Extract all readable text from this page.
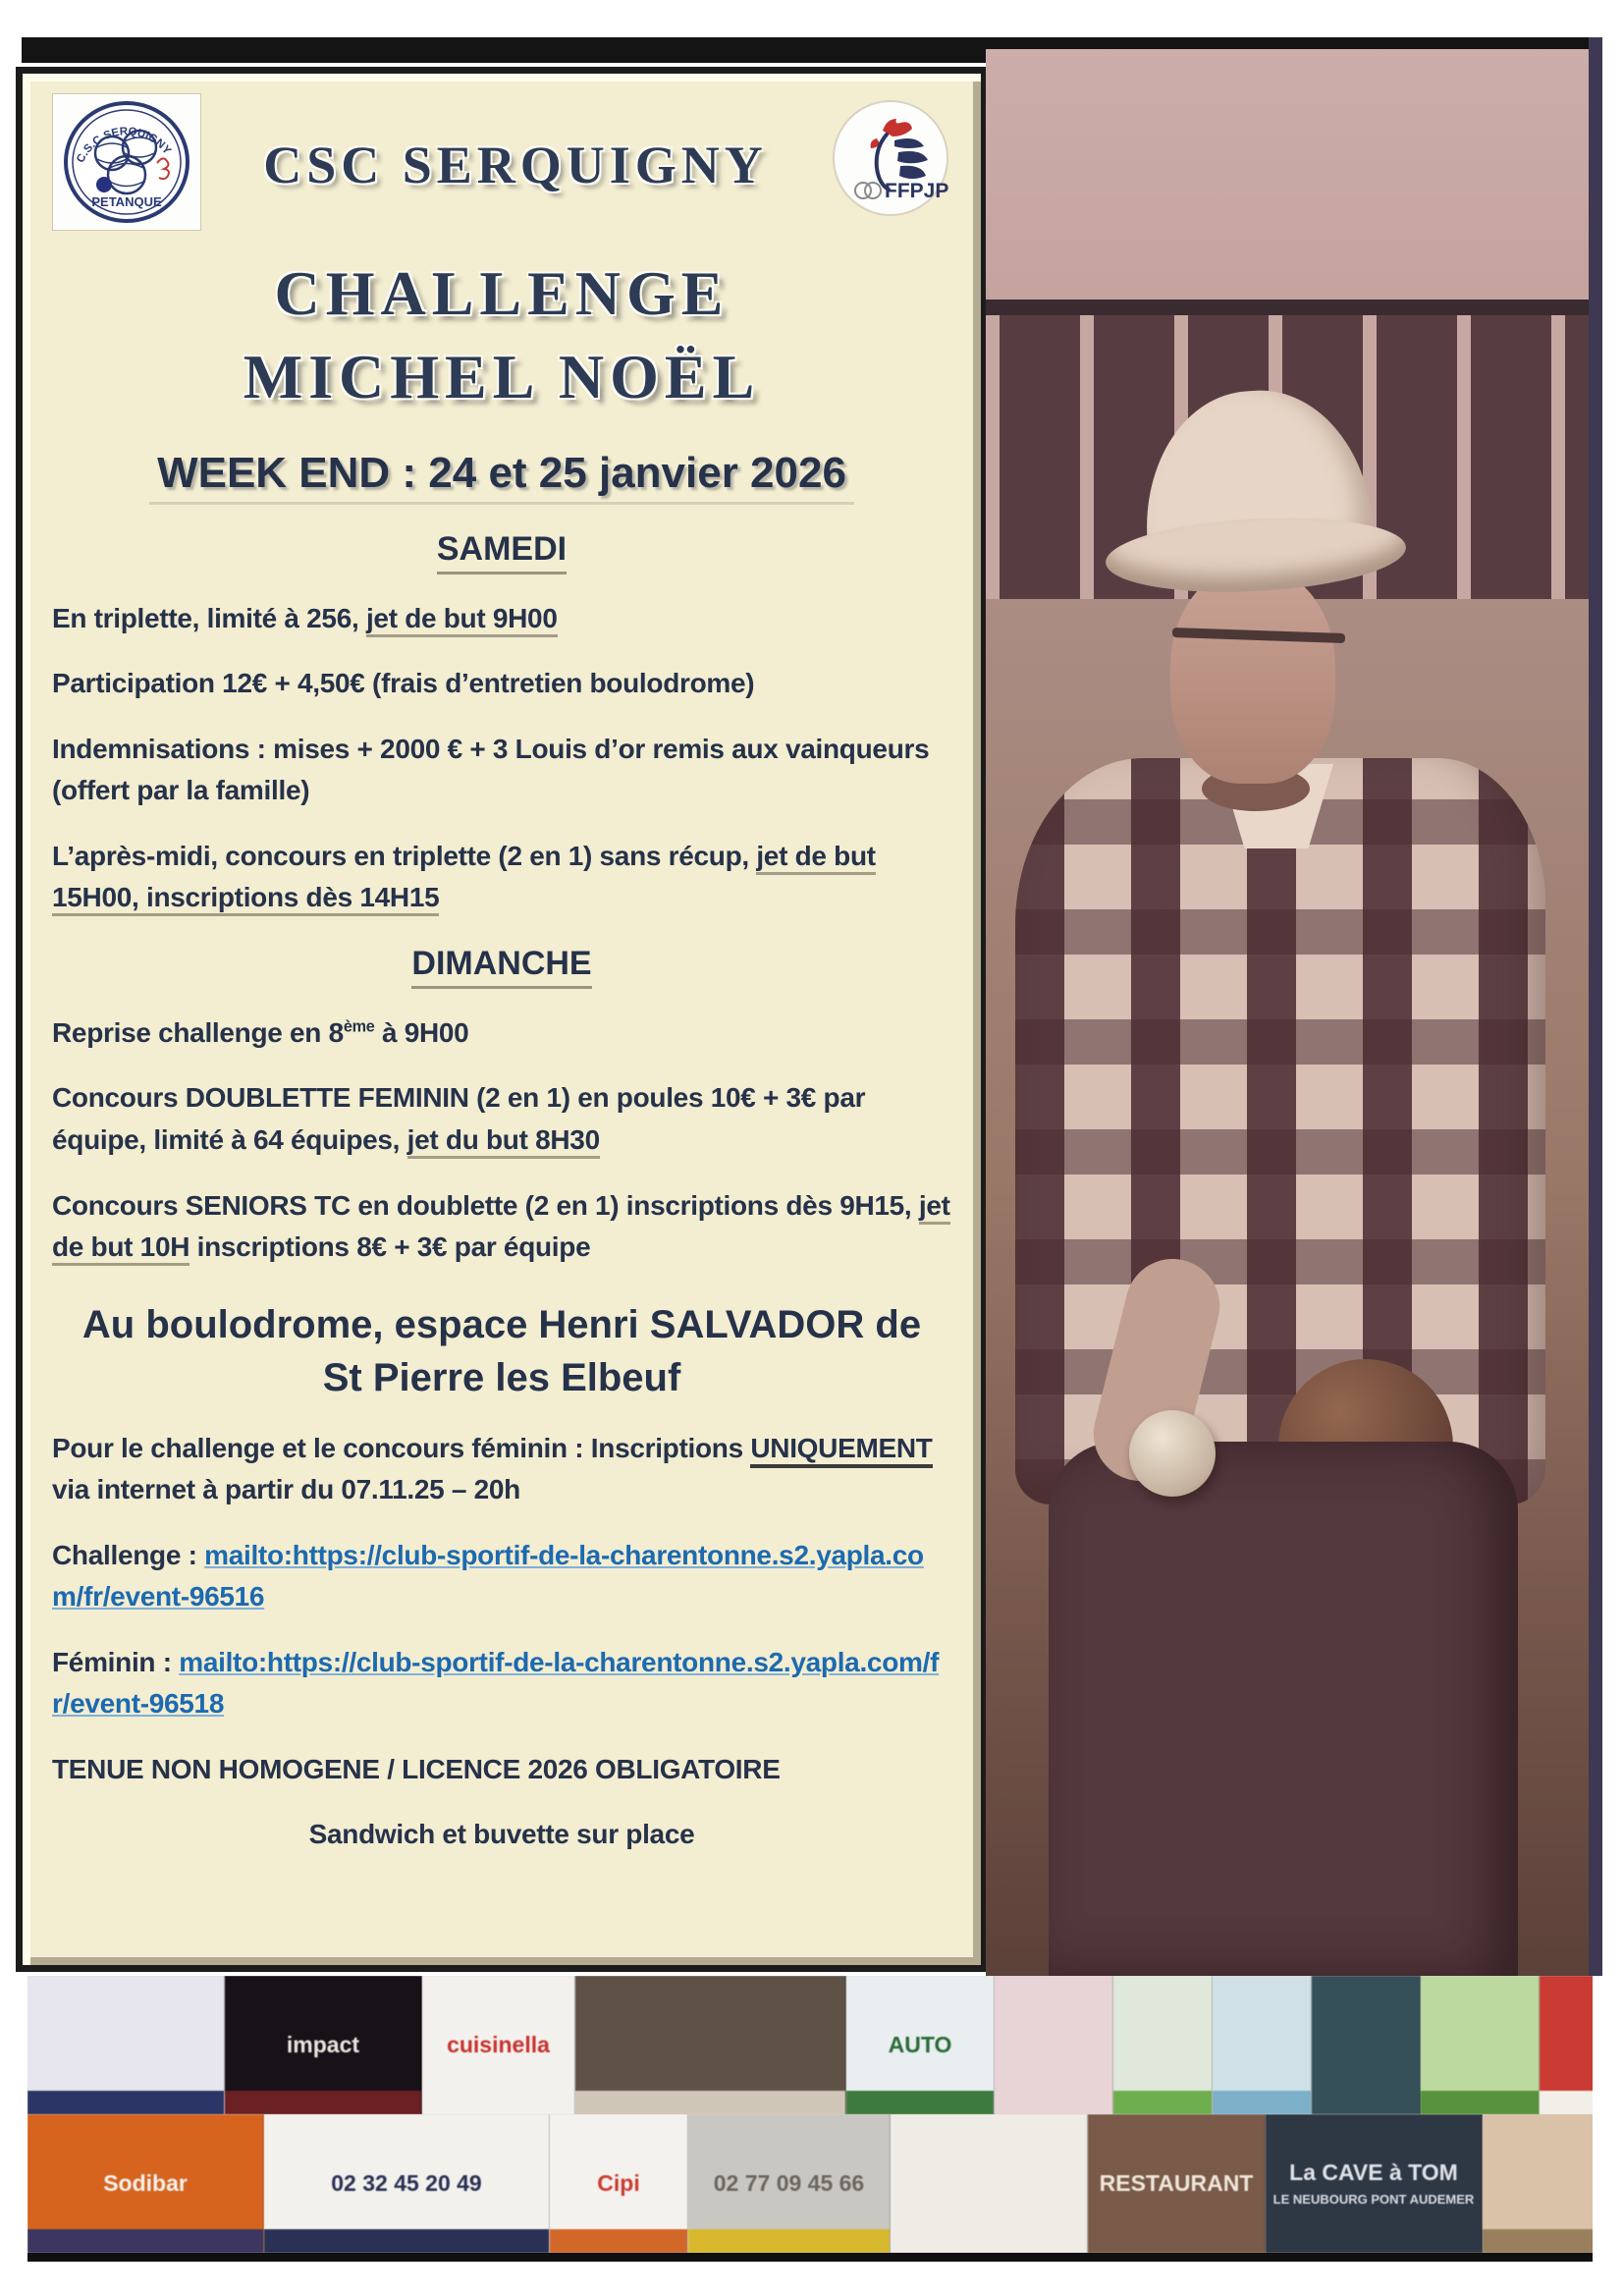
C.S.C SERQUIGNY
PETANQUE
CSC SERQUIGNY	FFPJP
CHALLENGE
MICHEL NOËL
WEEK END : 24 et 25 janvier 2026
SAMEDI
En triplette, limité à 256, jet de but 9H00
Participation 12€ + 4,50€ (frais d’entretien boulodrome)
Indemnisations : mises + 2000 € + 3 Louis d’or remis aux vainqueurs (offert par la famille)
L’après-midi, concours en triplette (2 en 1) sans récup, jet de but 15H00, inscriptions dès 14H15
DIMANCHE
Reprise challenge en 8ème à 9H00
Concours DOUBLETTE FEMININ (2 en 1) en poules 10€ + 3€ par équipe, limité à 64 équipes, jet du but 8H30
Concours SENIORS TC en doublette (2 en 1) inscriptions dès 9H15, jet de but 10H inscriptions 8€ + 3€ par équipe
Au boulodrome, espace Henri SALVADOR de
St Pierre les Elbeuf
Pour le challenge et le concours féminin : Inscriptions UNIQUEMENT via internet à partir du 07.11.25 – 20h
Challenge : mailto:https://club-sportif-de-la-charentonne.s2.yapla.com/fr/event-96516
Féminin : mailto:https://club-sportif-de-la-charentonne.s2.yapla.com/fr/event-96518
TENUE NON HOMOGENE / LICENCE 2026 OBLIGATOIRE
Sandwich et buvette sur place
impact	cuisinella	AUTO
Sodibar	02 32 45 20 49	Cipi	02 77 09 45 66	RESTAURANT La CAVE à TOM
LE NEUBOURG PONT AUDEMER
